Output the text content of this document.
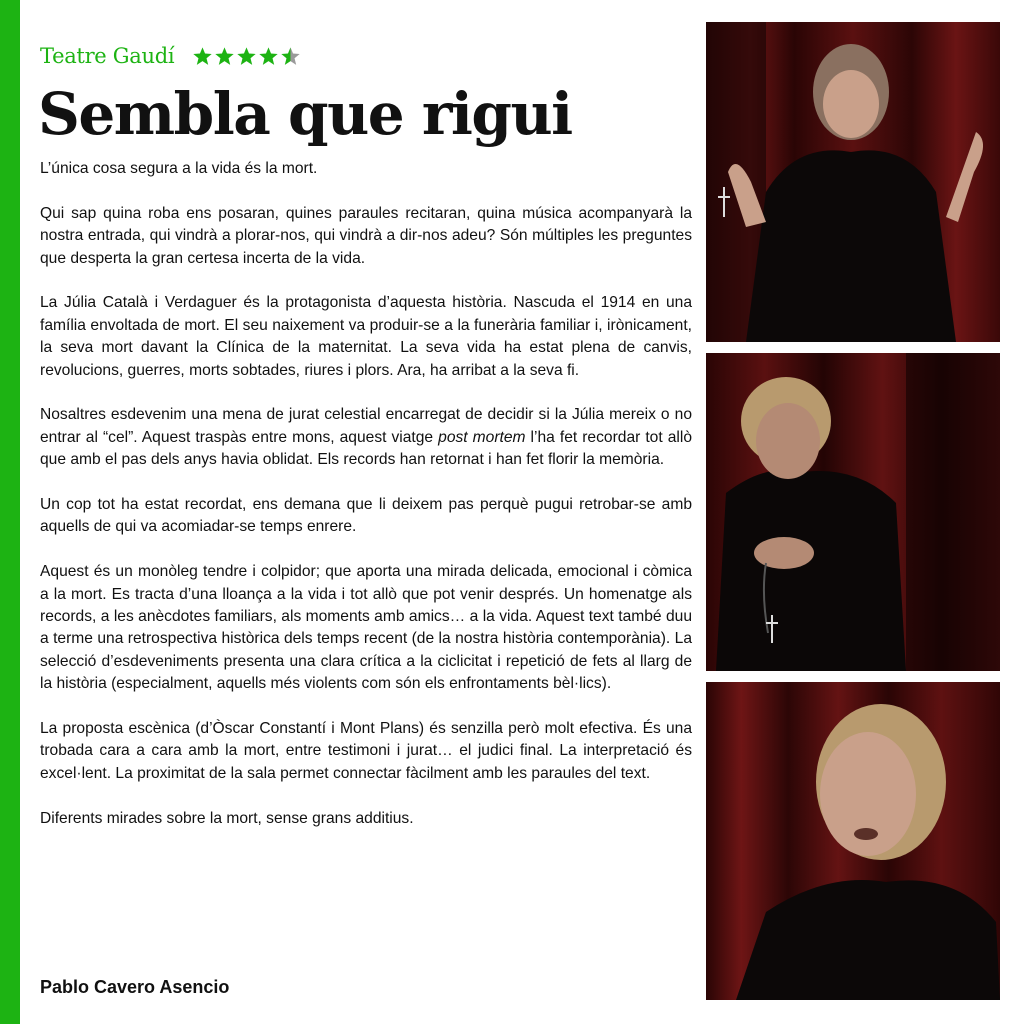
Teatre Gaudí
Sembla que rigui

L’única cosa segura a la vida és la mort.

Qui sap quina roba ens posaran, quines paraules recitaran, quina música acompanyarà la nostra entrada, qui vindrà a plorar-nos, qui vindrà a dir-nos adeu? Són múltiples les preguntes que desperta la gran certesa incerta de la vida.

La Júlia Català i Verdaguer és la protagonista d’aquesta història. Nascuda el 1914 en una família envoltada de mort. El seu naixement va produir-se a la funerària familiar i, irònicament, la seva mort davant la Clínica de la maternitat. La seva vida ha estat plena de canvis, revolucions, guerres, morts sobtades, riures i plors. Ara, ha arribat a la seva fi.

Nosaltres esdevenim una mena de jurat celestial encarregat de decidir si la Júlia mereix o no entrar al “cel”. Aquest traspàs entre mons, aquest viatge post mortem l’ha fet recordar tot allò que amb el pas dels anys havia oblidat. Els records han retornat i han fet florir la memòria.

Un cop tot ha estat recordat, ens demana que li deixem pas perquè pugui retrobar-se amb aquells de qui va acomiadar-se temps enrere.

Aquest és un monòleg tendre i colpidor; que aporta una mirada delicada, emocional i còmica a la mort. Es tracta d’una lloança a la vida i tot allò que pot venir després. Un homenatge als records, a les anècdotes familiars, als moments amb amics… a la vida. Aquest text també duu a terme una retrospectiva històrica dels temps recent (de la nostra història contemporània). La selecció d’esdeveniments presenta una clara crítica a la ciclicitat i repetició de fets al llarg de la història (especialment, aquells més violents com són els enfrontaments bèl·lics).

La proposta escènica (d’Òscar Constantí i Mont Plans) és senzilla però molt efectiva. És una trobada cara a cara amb la mort, entre testimoni i jurat… el judici final. La interpretació és excel·lent. La proximitat de la sala permet connectar fàcilment amb les paraules del text.

Diferents mirades sobre la mort, sense grans additius.

Pablo Cavero Asencio
